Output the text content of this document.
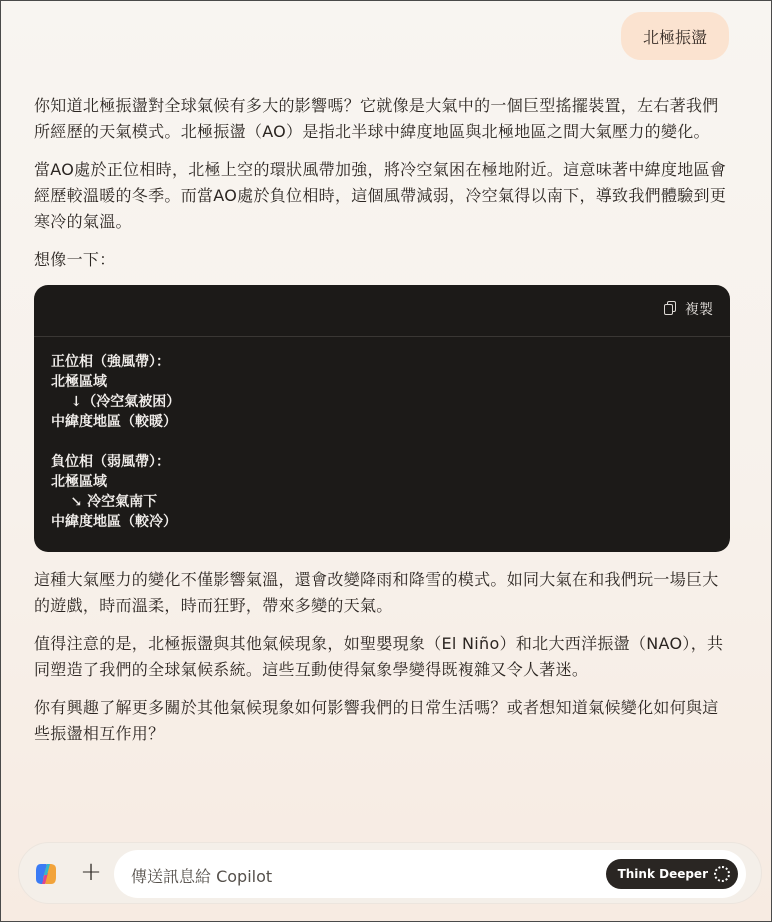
北極振盪

你知道北極振盪對全球氣候有多大的影響嗎？它就像是大氣中的一個巨型搖擺裝置，左右著我們所經歷的天氣模式。北極振盪（AO）是指北半球中緯度地區與北極地區之間大氣壓力的變化。

當AO處於正位相時，北極上空的環狀風帶加強，將冷空氣困在極地附近。這意味著中緯度地區會經歷較溫暖的冬季。而當AO處於負位相時，這個風帶減弱，冷空氣得以南下，導致我們體驗到更寒冷的氣溫。

想像一下：

複製
正位相（強風帶）：
北極區域
↓（冷空氣被困）
中緯度地區（較暖）

負位相（弱風帶）：
北極區域
↘ 冷空氣南下
中緯度地區（較冷）

這種大氣壓力的變化不僅影響氣溫，還會改變降雨和降雪的模式。如同大氣在和我們玩一場巨大的遊戲，時而溫柔，時而狂野，帶來多變的天氣。

值得注意的是，北極振盪與其他氣候現象，如聖嬰現象（El Niño）和北大西洋振盪（NAO），共同塑造了我們的全球氣候系統。這些互動使得氣象學變得既複雜又令人著迷。

你有興趣了解更多關於其他氣候現象如何影響我們的日常生活嗎？或者想知道氣候變化如何與這些振盪相互作用？

+	傳送訊息給 Copilot	Think Deeper
